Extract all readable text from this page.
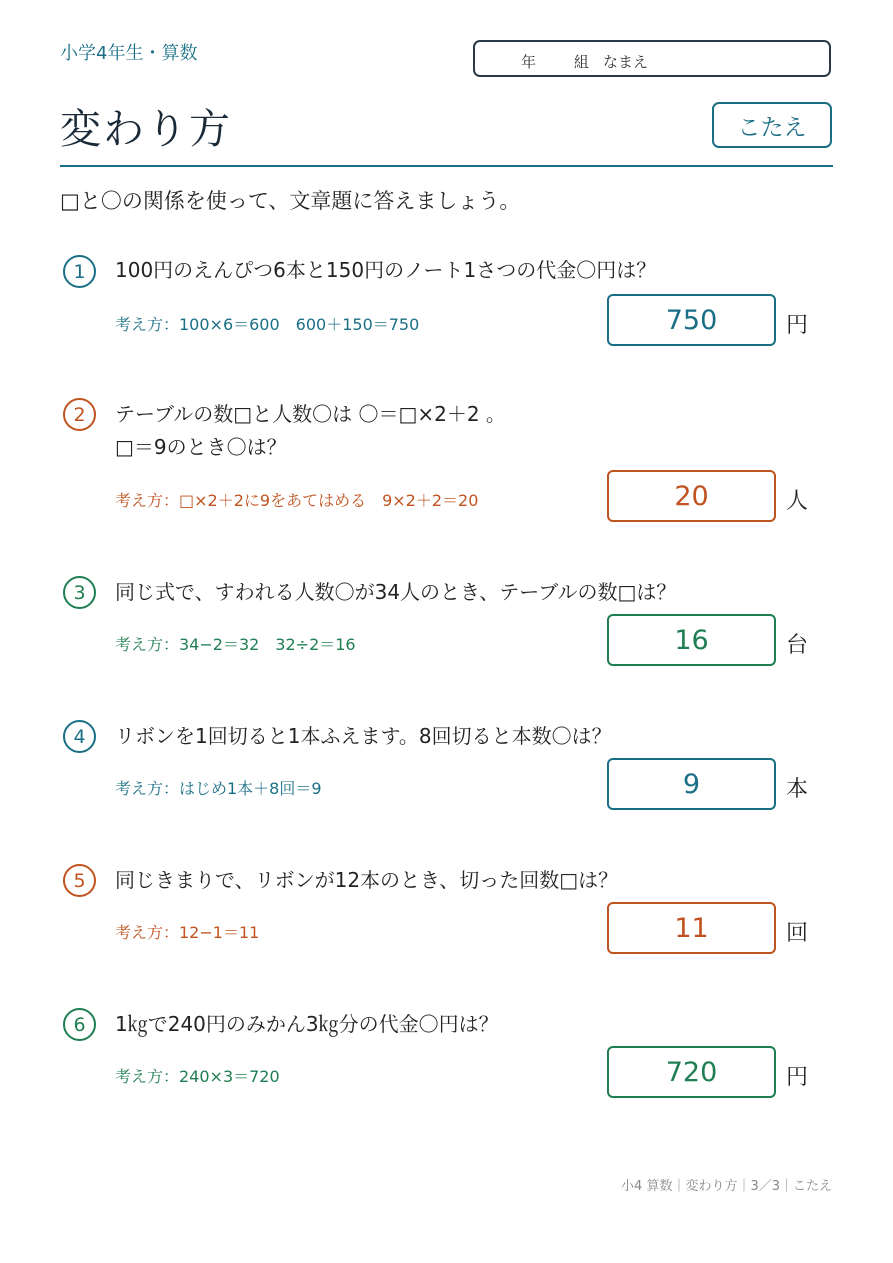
小学4年生・算数	年	組 なまえ
変わり方	こたえ
□と〇の関係を使って、文章題に答えましょう。
1	100円のえんぴつ6本と150円のノート1さつの代金〇円は？
考え方：100×6＝600　600＋150＝750	750	円
2	テーブルの数□と人数〇は 〇＝□×2＋2 。
□＝9のとき〇は？
考え方：□×2＋2に9をあてはめる　9×2＋2＝20	20	人
3	同じ式で、すわれる人数〇が34人のとき、テーブルの数□は？
考え方：34−2＝32　32÷2＝16	16	台
4	リボンを1回切ると1本ふえます。8回切ると本数〇は？
考え方：はじめ1本＋8回＝9	9	本
5	同じきまりで、リボンが12本のとき、切った回数□は？
考え方：12−1＝11	11	回
6	1㎏で240円のみかん3㎏分の代金〇円は？
考え方：240×3＝720	720	円
小4 算数｜変わり方｜3／3｜こたえ
